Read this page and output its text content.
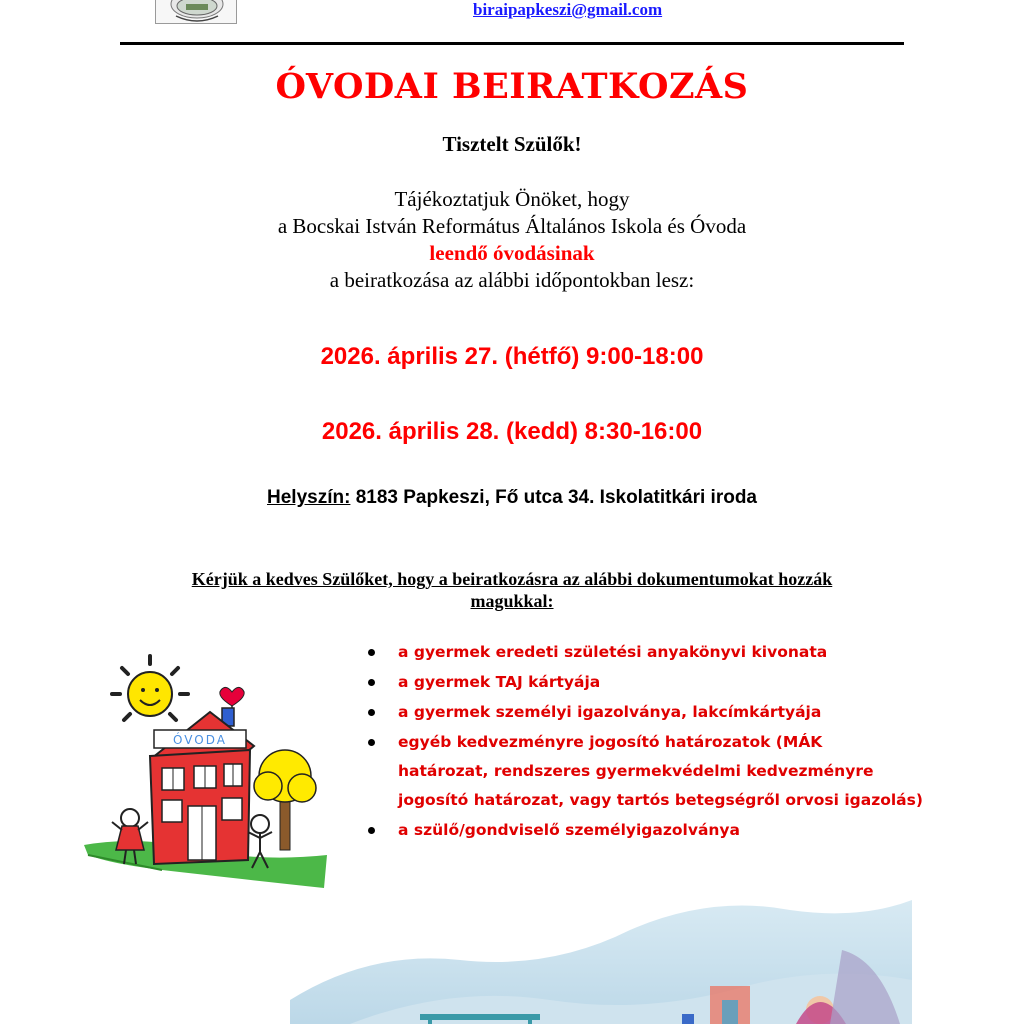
biraipapkeszi@gmail.com
ÓVODAI BEIRATKOZÁS
Tisztelt Szülők!
Tájékoztatjuk Önöket, hogy
a Bocskai István Református Általános Iskola és Óvoda
leendő óvodásinak
a beiratkozása az alábbi időpontokban lesz:
2026. április 27. (hétfő) 9:00-18:00
2026. április 28. (kedd) 8:30-16:00
Helyszín: 8183 Papkeszi, Fő utca 34. Iskolatitkári iroda
Kérjük a kedves Szülőket, hogy a beiratkozásra az alábbi dokumentumokat hozzák
magukkal:
a gyermek eredeti születési anyakönyvi kivonata
a gyermek TAJ kártyája
a gyermek személyi igazolványa, lakcímkártyája
egyéb kedvezményre jogosító határozatok (MÁK
határozat, rendszeres gyermekvédelmi kedvezményre
jogosító határozat, vagy tartós betegségről orvosi igazolás)
a szülő/gondviselő személyigazolványa
ÓVODA
